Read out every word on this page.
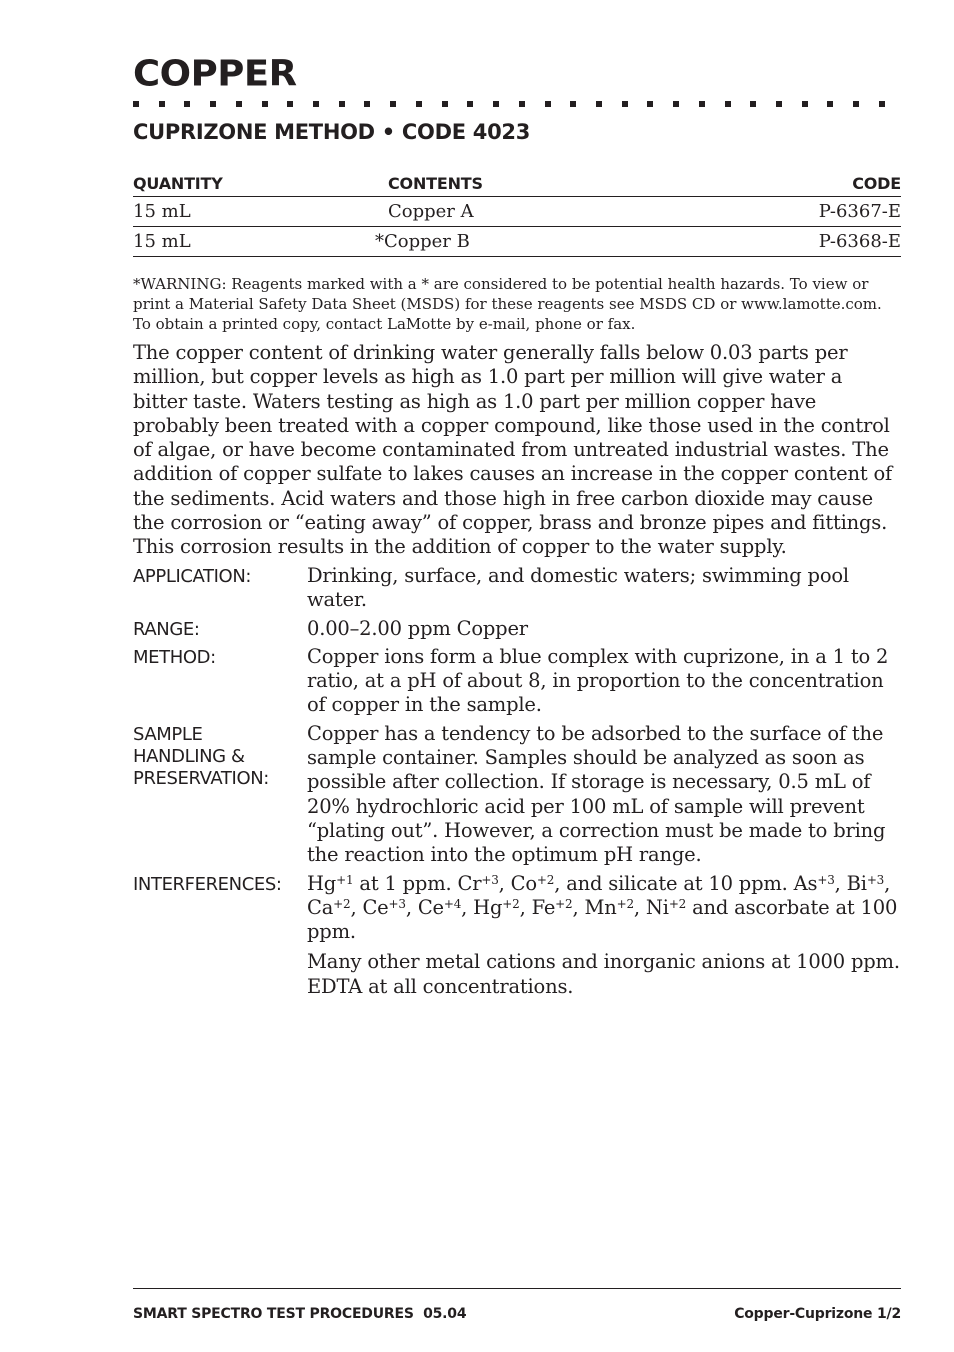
COPPER
CUPRIZONE METHOD • CODE 4023
QUANTITY	CONTENTS	CODE
15 mL	Copper A	P-6367-E
15 mL	*Copper B	P-6368-E

*WARNING: Reagents marked with a * are considered to be potential health hazards. To view or print a Material Safety Data Sheet (MSDS) for these reagents see MSDS CD or www.lamotte.com. To obtain a printed copy, contact LaMotte by e-mail, phone or fax.

The copper content of drinking water generally falls below 0.03 parts per million, but copper levels as high as 1.0 part per million will give water a bitter taste. Waters testing as high as 1.0 part per million copper have probably been treated with a copper compound, like those used in the control of algae, or have become contaminated from untreated industrial wastes. The addition of copper sulfate to lakes causes an increase in the copper content of the sediments. Acid waters and those high in free carbon dioxide may cause the corrosion or “eating away” of copper, brass and bronze pipes and fittings. This corrosion results in the addition of copper to the water supply.

APPLICATION:	Drinking, surface, and domestic waters; swimming pool water.
RANGE:	0.00–2.00 ppm Copper
METHOD:	Copper ions form a blue complex with cuprizone, in a 1 to 2 ratio, at a pH of about 8, in proportion to the concentration of copper in the sample.
SAMPLE
HANDLING &
PRESERVATION:
Copper has a tendency to be adsorbed to the surface of the sample container. Samples should be analyzed as soon as possible after collection. If storage is necessary, 0.5 mL of 20% hydrochloric acid per 100 mL of sample will prevent “plating out”. However, a correction must be made to bring the reaction into the optimum pH range.
INTERFERENCES:	$Hg^{+1}$ at 1 ppm. $Cr^{+3}$, $Co^{+2}$, and silicate at 10 ppm. $As^{+3}$, $Bi^{+3}$, $Ca^{+2}$, $Ce^{+3}$, $Ce^{+4}$, $Hg^{+2}$, $Fe^{+2}$, $Mn^{+2}$, $Ni^{+2}$ and ascorbate at 100 ppm.

Many other metal cations and inorganic anions at 1000 ppm. EDTA at all concentrations.

SMART SPECTRO TEST PROCEDURES  05.04	Copper-Cuprizone 1/2
